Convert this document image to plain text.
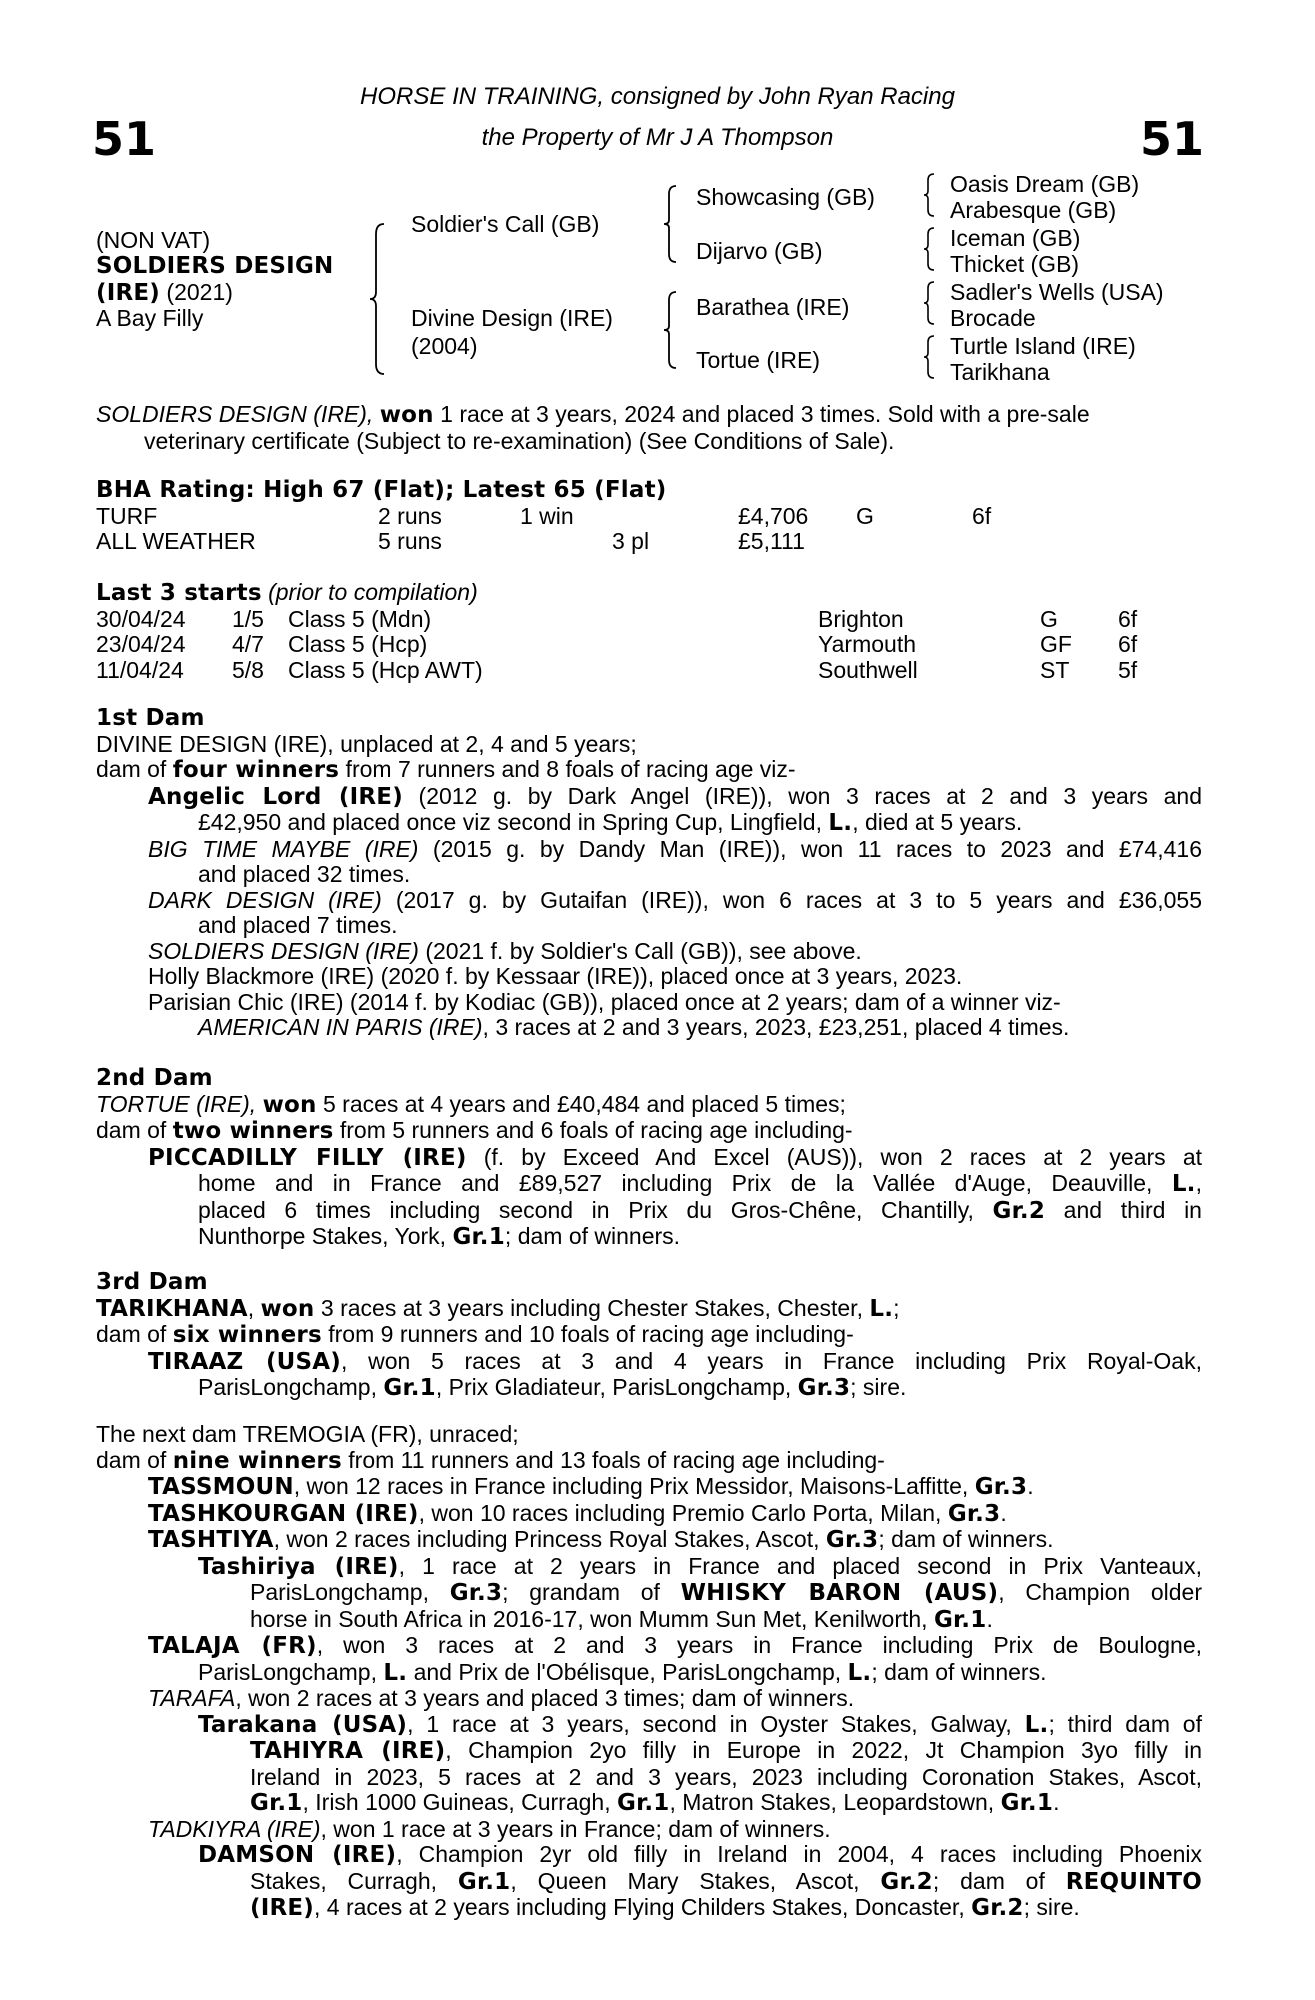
51	51
HORSE IN TRAINING, consigned by John Ryan Racing
the Property of Mr J A Thompson
(NON VAT)
SOLDIERS DESIGN
(IRE) (2021)
A Bay Filly
Soldier's Call (GB)
Divine Design (IRE)
(2004)
Showcasing (GB)
Dijarvo (GB)
Barathea (IRE)
Tortue (IRE)
Oasis Dream (GB)
Arabesque (GB)
Iceman (GB)
Thicket (GB)
Sadler's Wells (USA)
Brocade
Turtle Island (IRE)
Tarikhana
SOLDIERS DESIGN (IRE), won 1 race at 3 years, 2024 and placed 3 times. Sold with a pre-sale
veterinary certificate (Subject to re-examination) (See Conditions of Sale).
BHA Rating: High 67 (Flat); Latest 65 (Flat)
TURF	2 runs	1 win	£4,706 G	6f
ALL WEATHER	5 runs	3 pl	£5,111
Last 3 starts (prior to compilation)
30/04/24 1/5 Class 5 (Mdn)	Brighton	G	6f
23/04/24 4/7 Class 5 (Hcp)	Yarmouth	GF 6f
11/04/24 5/8 Class 5 (Hcp AWT)	Southwell	ST 5f
1st Dam
DIVINE DESIGN (IRE), unplaced at 2, 4 and 5 years;
dam of four winners from 7 runners and 8 foals of racing age viz-
Angelic Lord (IRE) (2012 g. by Dark Angel (IRE)), won 3 races at 2 and 3 years and
£42,950 and placed once viz second in Spring Cup, Lingfield, L., died at 5 years.
BIG TIME MAYBE (IRE) (2015 g. by Dandy Man (IRE)), won 11 races to 2023 and £74,416
and placed 32 times.
DARK DESIGN (IRE) (2017 g. by Gutaifan (IRE)), won 6 races at 3 to 5 years and £36,055
and placed 7 times.
SOLDIERS DESIGN (IRE) (2021 f. by Soldier's Call (GB)), see above.
Holly Blackmore (IRE) (2020 f. by Kessaar (IRE)), placed once at 3 years, 2023.
Parisian Chic (IRE) (2014 f. by Kodiac (GB)), placed once at 2 years; dam of a winner viz-
AMERICAN IN PARIS (IRE), 3 races at 2 and 3 years, 2023, £23,251, placed 4 times.
2nd Dam
TORTUE (IRE), won 5 races at 4 years and £40,484 and placed 5 times;
dam of two winners from 5 runners and 6 foals of racing age including-
PICCADILLY FILLY (IRE) (f. by Exceed And Excel (AUS)), won 2 races at 2 years at
home and in France and £89,527 including Prix de la Vallée d'Auge, Deauville, L.,
placed 6 times including second in Prix du Gros-Chêne, Chantilly, Gr.2 and third in
Nunthorpe Stakes, York, Gr.1; dam of winners.
3rd Dam
TARIKHANA, won 3 races at 3 years including Chester Stakes, Chester, L.;
dam of six winners from 9 runners and 10 foals of racing age including-
TIRAAZ (USA), won 5 races at 3 and 4 years in France including Prix Royal-Oak,
ParisLongchamp, Gr.1, Prix Gladiateur, ParisLongchamp, Gr.3; sire.
The next dam TREMOGIA (FR), unraced;
dam of nine winners from 11 runners and 13 foals of racing age including-
TASSMOUN, won 12 races in France including Prix Messidor, Maisons-Laffitte, Gr.3.
TASHKOURGAN (IRE), won 10 races including Premio Carlo Porta, Milan, Gr.3.
TASHTIYA, won 2 races including Princess Royal Stakes, Ascot, Gr.3; dam of winners.
Tashiriya (IRE), 1 race at 2 years in France and placed second in Prix Vanteaux,
ParisLongchamp, Gr.3; grandam of WHISKY BARON (AUS), Champion older
horse in South Africa in 2016-17, won Mumm Sun Met, Kenilworth, Gr.1.
TALAJA (FR), won 3 races at 2 and 3 years in France including Prix de Boulogne,
ParisLongchamp, L. and Prix de l'Obélisque, ParisLongchamp, L.; dam of winners.
TARAFA, won 2 races at 3 years and placed 3 times; dam of winners.
Tarakana (USA), 1 race at 3 years, second in Oyster Stakes, Galway, L.; third dam of
TAHIYRA (IRE), Champion 2yo filly in Europe in 2022, Jt Champion 3yo filly in
Ireland in 2023, 5 races at 2 and 3 years, 2023 including Coronation Stakes, Ascot,
Gr.1, Irish 1000 Guineas, Curragh, Gr.1, Matron Stakes, Leopardstown, Gr.1.
TADKIYRA (IRE), won 1 race at 3 years in France; dam of winners.
DAMSON (IRE), Champion 2yr old filly in Ireland in 2004, 4 races including Phoenix
Stakes, Curragh, Gr.1, Queen Mary Stakes, Ascot, Gr.2; dam of REQUINTO
(IRE), 4 races at 2 years including Flying Childers Stakes, Doncaster, Gr.2; sire.
